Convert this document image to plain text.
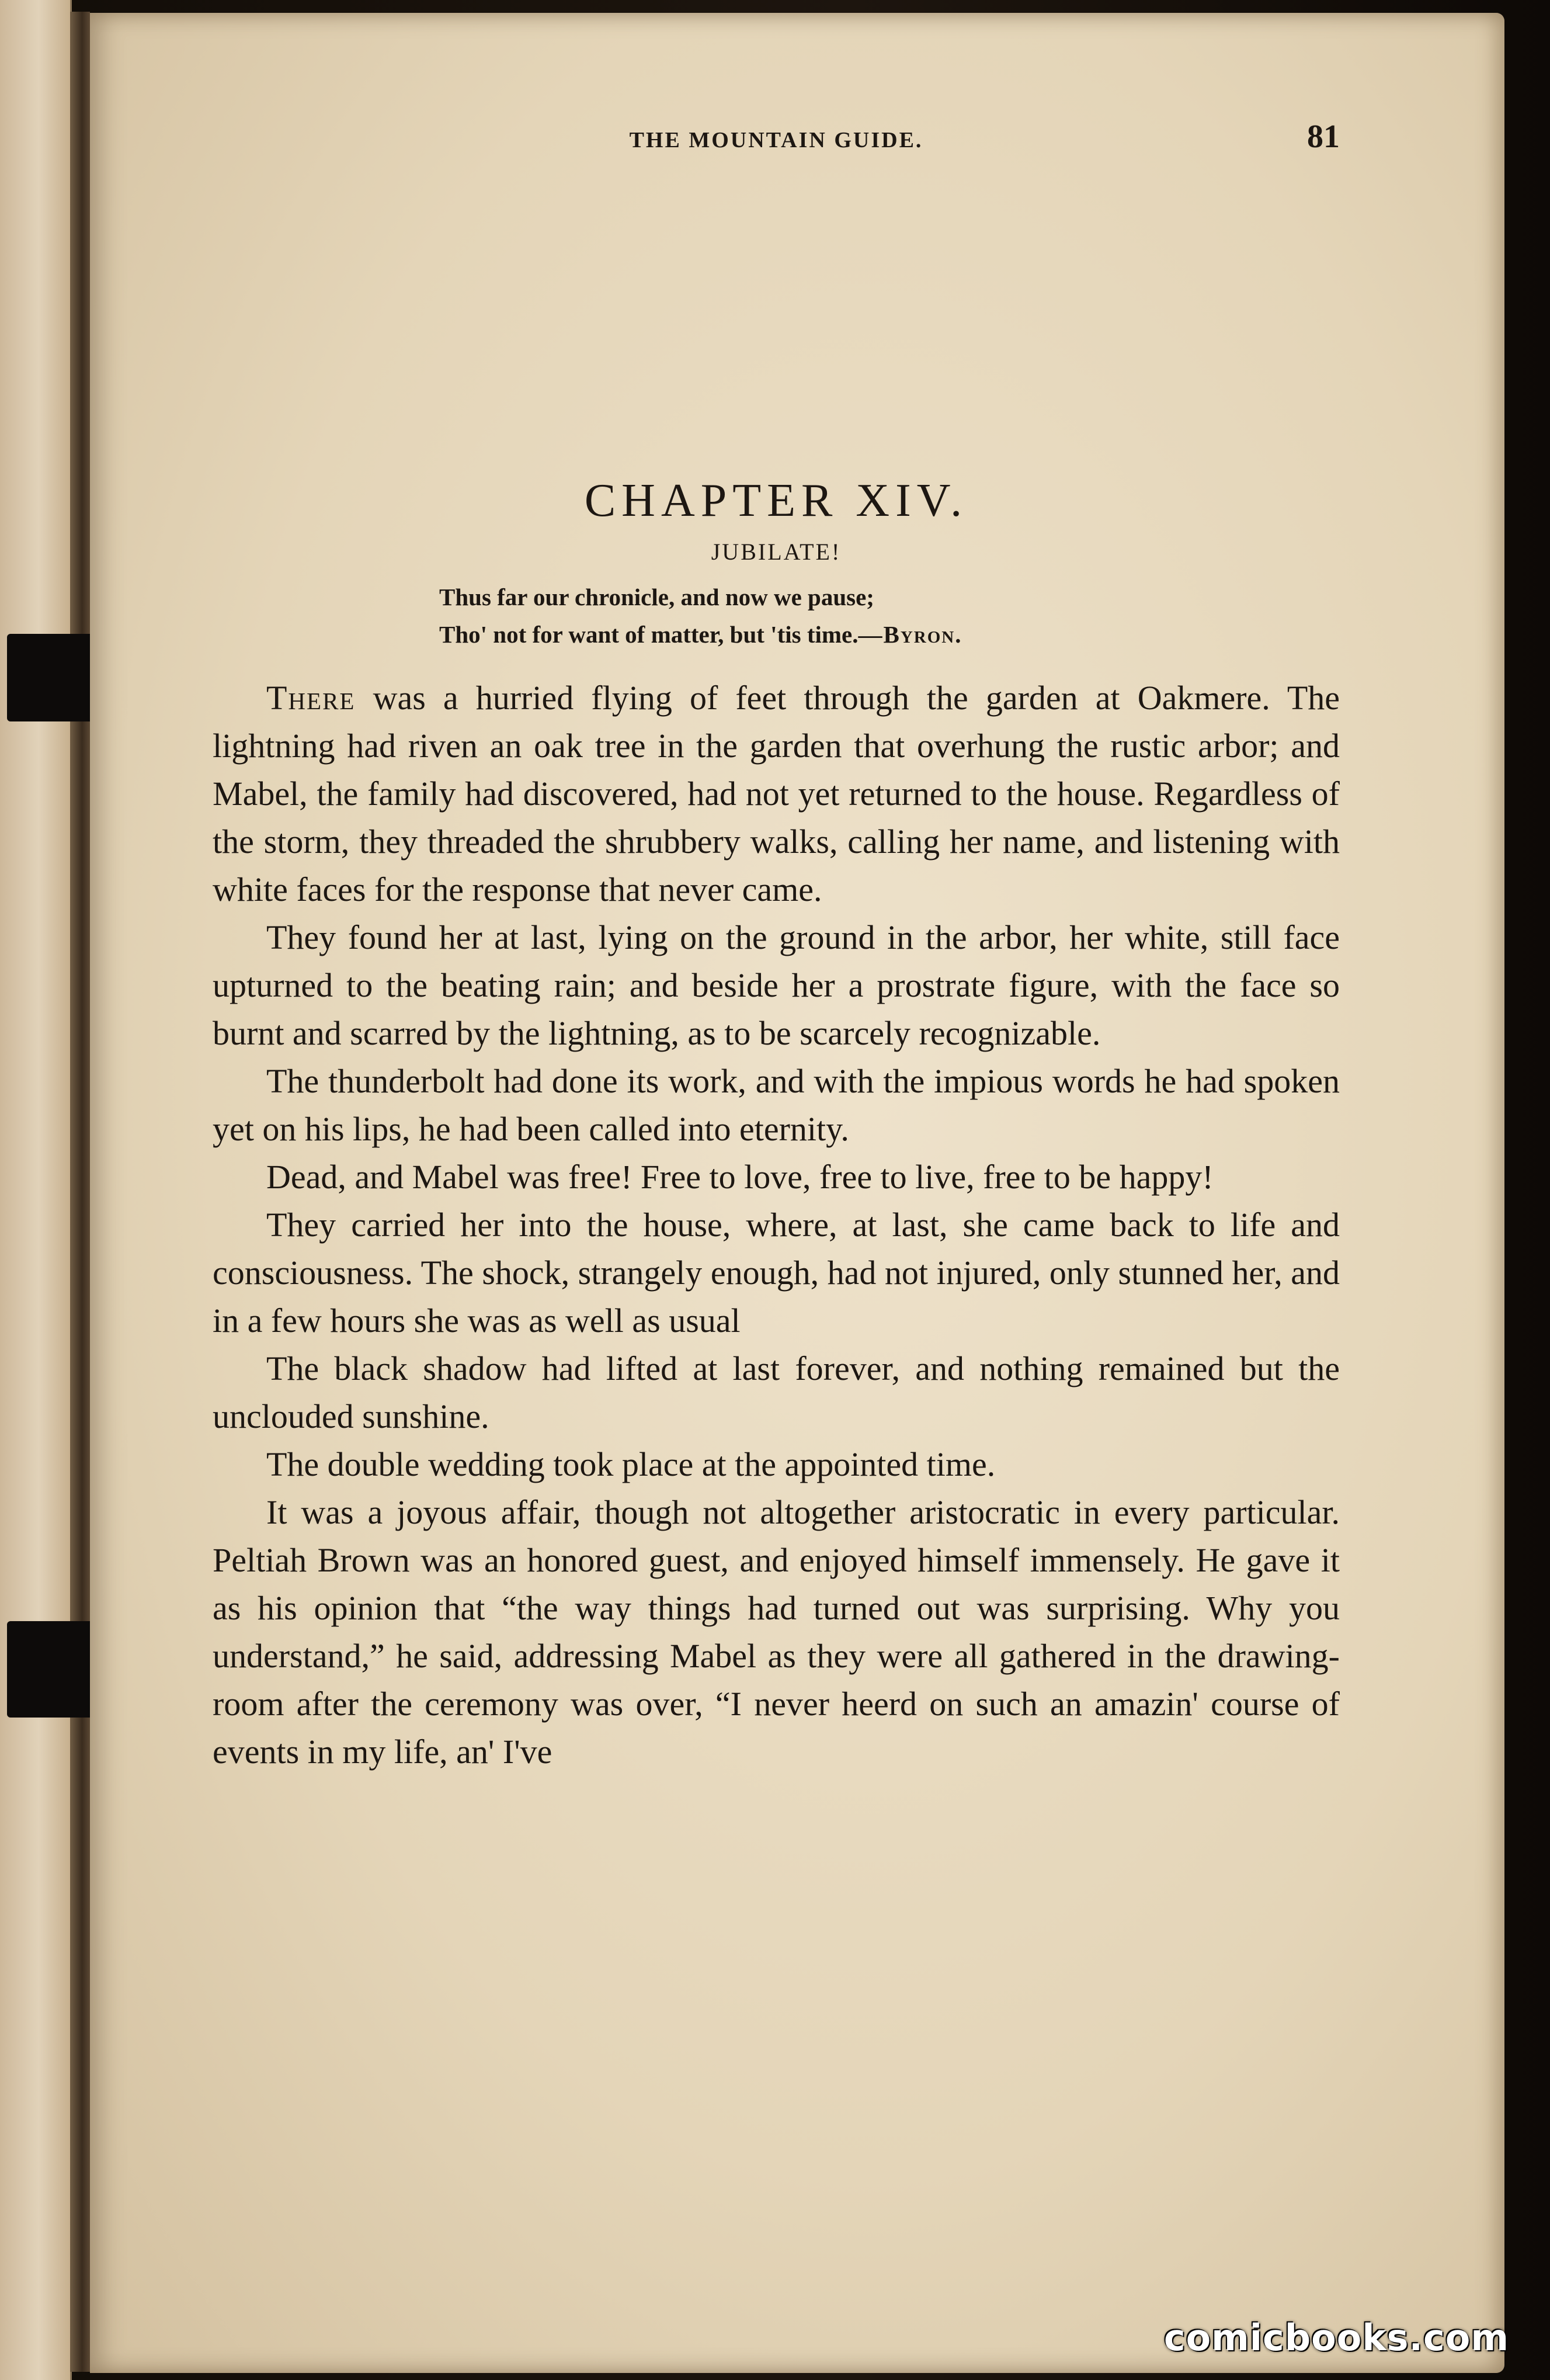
THE MOUNTAIN GUIDE.	81
CHAPTER XIV.
JUBILATE!
Thus far our chronicle, and now we pause;
Tho' not for want of matter, but 'tis time.—Byron.

There was a hurried flying of feet through the garden at Oakmere. The lightning had riven an oak tree in the garden that overhung the rustic arbor; and Mabel, the family had discovered, had not yet returned to the house. Regardless of the storm, they threaded the shrubbery walks, calling her name, and listening with white faces for the response that never came.

They found her at last, lying on the ground in the arbor, her white, still face upturned to the beating rain; and beside her a prostrate figure, with the face so burnt and scarred by the lightning, as to be scarcely recognizable.

The thunderbolt had done its work, and with the impious words he had spoken yet on his lips, he had been called into eternity.

Dead, and Mabel was free! Free to love, free to live, free to be happy!

They carried her into the house, where, at last, she came back to life and consciousness. The shock, strangely enough, had not injured, only stunned her, and in a few hours she was as well as usual

The black shadow had lifted at last forever, and nothing remained but the unclouded sunshine.

The double wedding took place at the appointed time.

It was a joyous affair, though not altogether aristocratic in every particular. Peltiah Brown was an honored guest, and enjoyed himself immensely. He gave it as his opinion that “the way things had turned out was surprising. Why you understand,” he said, addressing Mabel as they were all gathered in the drawing-room after the ceremony was over, “I never heerd on such an amazin' course of events in my life, an' I've

comicbooks.com
